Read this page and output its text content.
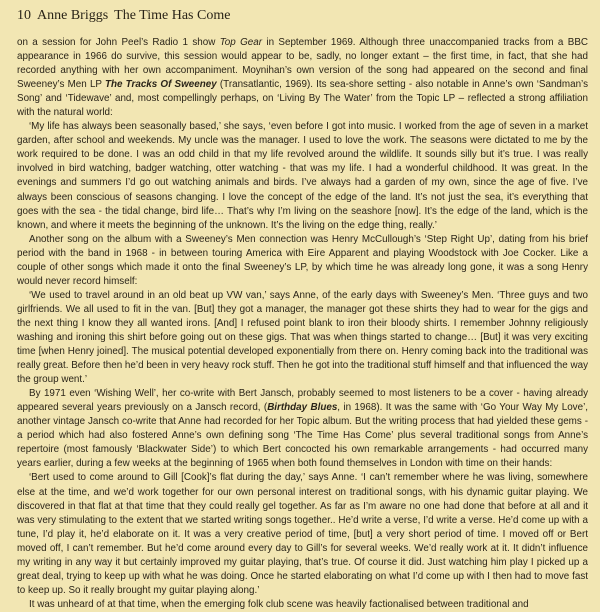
10 Anne Briggs The Time Has Come

on a session for John Peel’s Radio 1 show Top Gear in September 1969. Although three unaccompanied tracks from a BBC appearance in 1966 do survive, this session would appear to be, sadly, no longer extant – the first time, in fact, that she had recorded anything with her own accompaniment. Moynihan’s own version of the song had appeared on the second and final Sweeney’s Men LP The Tracks Of Sweeney (Transatlantic, 1969). Its sea-shore setting - also notable in Anne’s own ‘Sandman’s Song’ and ‘Tidewave’ and, most compellingly perhaps, on ‘Living By The Water’ from the Topic LP – reflected a strong affiliation with the natural world:

‘My life has always been seasonally based,’ she says, ‘even before I got into music. I worked from the age of seven in a market garden, after school and weekends. My uncle was the manager. I used to love the work. The seasons were dictated to me by the work required to be done. I was an odd child in that my life revolved around the wildlife. It sounds silly but it’s true. I was really involved in bird watching, badger watching, otter watching - that was my life. I had a wonderful childhood. It was great. In the evenings and summers I’d go out watching animals and birds. I’ve always had a garden of my own, since the age of five. I’ve always been conscious of seasons changing. I love the concept of the edge of the land. It’s not just the sea, it’s everything that goes with the sea - the tidal change, bird life… That’s why I’m living on the seashore [now]. It’s the edge of the land, which is the known, and where it meets the beginning of the unknown. It’s the living on the edge thing, really.’

Another song on the album with a Sweeney’s Men connection was Henry McCullough’s ‘Step Right Up’, dating from his brief period with the band in 1968 - in between touring America with Eire Apparent and playing Woodstock with Joe Cocker. Like a couple of other songs which made it onto the final Sweeney’s LP, by which time he was already long gone, it was a song Henry would never record himself:

‘We used to travel around in an old beat up VW van,’ says Anne, of the early days with Sweeney’s Men. ‘Three guys and two girlfriends. We all used to fit in the van. [But] they got a manager, the manager got these shirts they had to wear for the gigs and the next thing I know they all wanted irons. [And] I refused point blank to iron their bloody shirts. I remember Johnny religiously washing and ironing this shirt before going out on these gigs. That was when things started to change… [But] it was very exciting time [when Henry joined]. The musical potential developed exponentially from there on. Henry coming back into the traditional was really great. Before then he’d been in very heavy rock stuff. Then he got into the traditional stuff himself and that influenced the way the group went.’

By 1971 even ‘Wishing Well’, her co-write with Bert Jansch, probably seemed to most listeners to be a cover - having already appeared several years previously on a Jansch record, (Birthday Blues, in 1968). It was the same with ‘Go Your Way My Love’, another vintage Jansch co-write that Anne had recorded for her Topic album. But the writing process that had yielded these gems - a period which had also fostered Anne’s own defining song ‘The Time Has Come’ plus several traditional songs from Anne’s repertoire (most famously ‘Blackwater Side’) to which Bert concocted his own remarkable arrangements - had occurred many years earlier, during a few weeks at the beginning of 1965 when both found themselves in London with time on their hands:

‘Bert used to come around to Gill [Cook]’s flat during the day,’ says Anne. ‘I can’t remember where he was living, somewhere else at the time, and we’d work together for our own personal interest on traditional songs, with his dynamic guitar playing. We discovered in that flat at that time that they could really gel together. As far as I’m aware no one had done that before at all and it was very stimulating to the extent that we started writing songs together.. He’d write a verse, I’d write a verse. He’d come up with a tune, I’d play it, he’d elaborate on it. It was a very creative period of time, [but] a very short period of time. I moved off or Bert moved off, I can’t remember. But he’d come around every day to Gill’s for several weeks. We’d really work at it. It didn’t influence my writing in any way it but certainly improved my guitar playing, that’s true. Of course it did. Just watching him play I picked up a great deal, trying to keep up with what he was doing. Once he started elaborating on what I’d come up with I then had to move fast to keep up. So it really brought my guitar playing along.’

It was unheard of at that time, when the emerging folk club scene was heavily factionalised between traditional and
